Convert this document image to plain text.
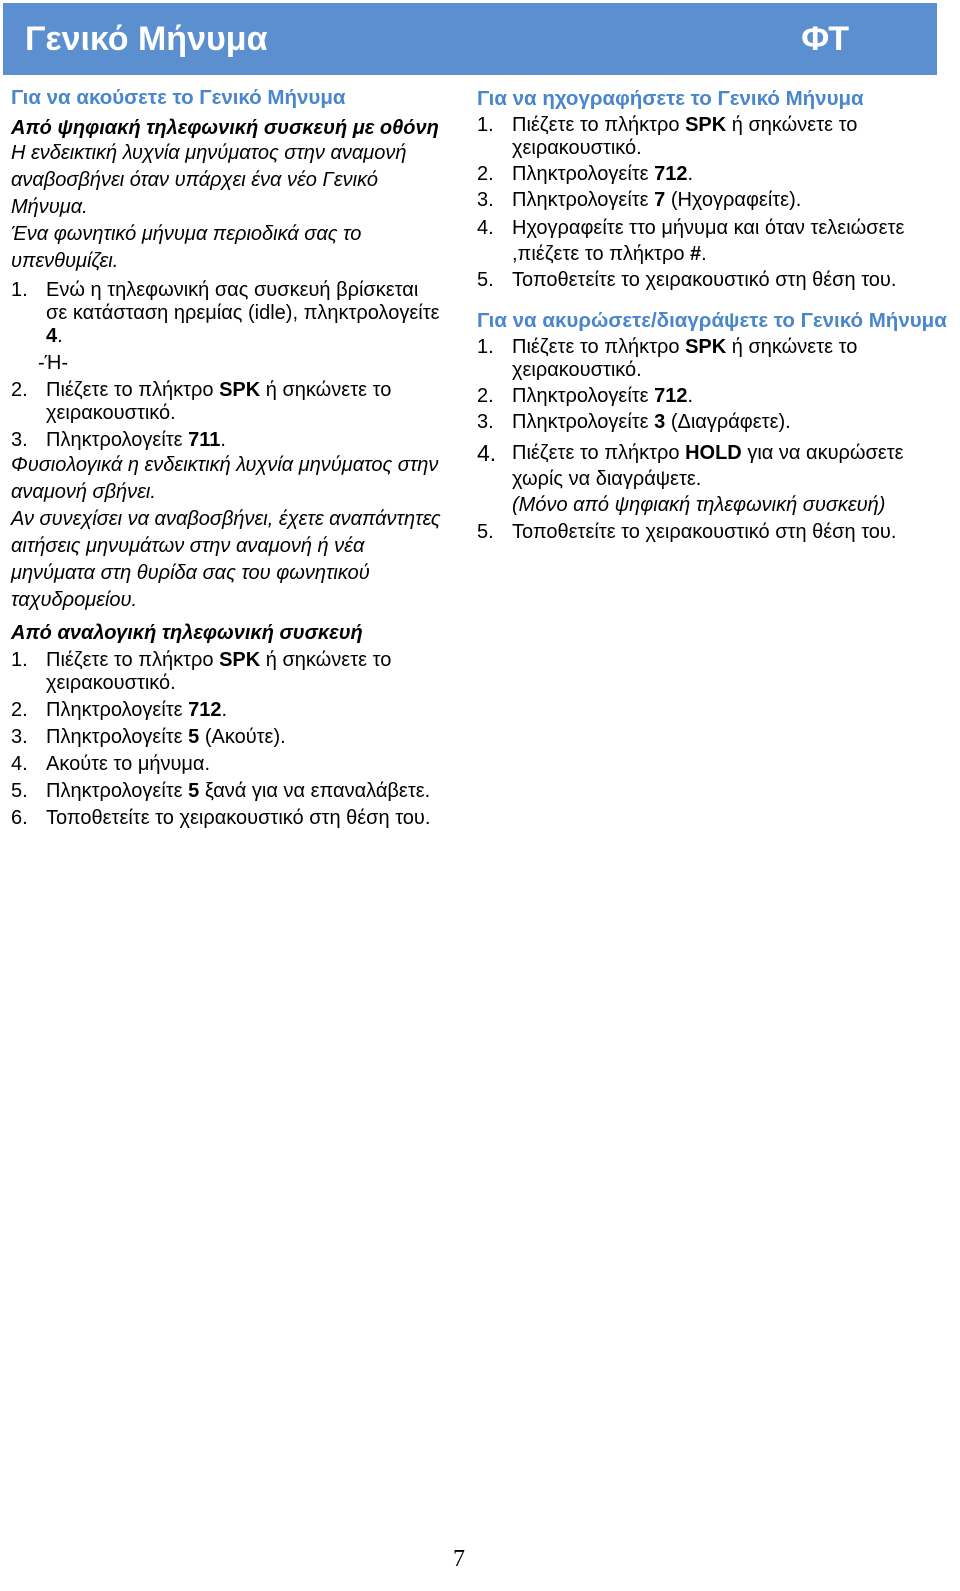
Γενικό Μήνυμα	ΦΤ
Για να ακούσετε το Γενικό Μήνυμα
Από ψηφιακή τηλεφωνική συσκευή με οθόνη
Η ενδεικτική λυχνία μηνύματος στην αναμονή αναβοσβήνει όταν υπάρχει ένα νέο Γενικό Μήνυμα.
Ένα φωνητικό μήνυμα περιοδικά σας το υπενθυμίζει.
1. Ενώ η τηλεφωνική σας συσκευή βρίσκεται σε κατάσταση ηρεμίας (idle), πληκτρολογείτε 4.
-Ή-
2. Πιέζετε το πλήκτρο SPK ή σηκώνετε το χειρακουστικό.
3. Πληκτρολογείτε 711.
Φυσιολογικά η ενδεικτική λυχνία μηνύματος στην αναμονή σβήνει.
Αν συνεχίσει να αναβοσβήνει, έχετε αναπάντητες αιτήσεις μηνυμάτων στην αναμονή ή νέα μηνύματα στη θυρίδα σας του φωνητικού ταχυδρομείου.
Από αναλογική τηλεφωνική συσκευή
1. Πιέζετε το πλήκτρο SPK ή σηκώνετε το χειρακουστικό.
2. Πληκτρολογείτε 712.
3. Πληκτρολογείτε 5 (Ακούτε).
4. Ακούτε το μήνυμα.
5. Πληκτρολογείτε 5 ξανά για να επαναλάβετε.
6. Τοποθετείτε το χειρακουστικό στη θέση του.
Για να ηχογραφήσετε το Γενικό Μήνυμα
1. Πιέζετε το πλήκτρο SPK ή σηκώνετε το χειρακουστικό.
2. Πληκτρολογείτε 712.
3. Πληκτρολογείτε 7 (Ηχογραφείτε).
4. Ηχογραφείτε ττο μήνυμα και όταν τελειώσετε ,πιέζετε το πλήκτρο #.
5. Τοποθετείτε το χειρακουστικό στη θέση του.
Για να ακυρώσετε/διαγράψετε το Γενικό Μήνυμα
1. Πιέζετε το πλήκτρο SPK ή σηκώνετε το χειρακουστικό.
2. Πληκτρολογείτε 712.
3. Πληκτρολογείτε 3 (Διαγράφετε).
4. Πιέζετε το πλήκτρο HOLD για να ακυρώσετε χωρίς να διαγράψετε.
(Μόνο από ψηφιακή τηλεφωνική συσκευή)
5. Τοποθετείτε το χειρακουστικό στη θέση του.
7
